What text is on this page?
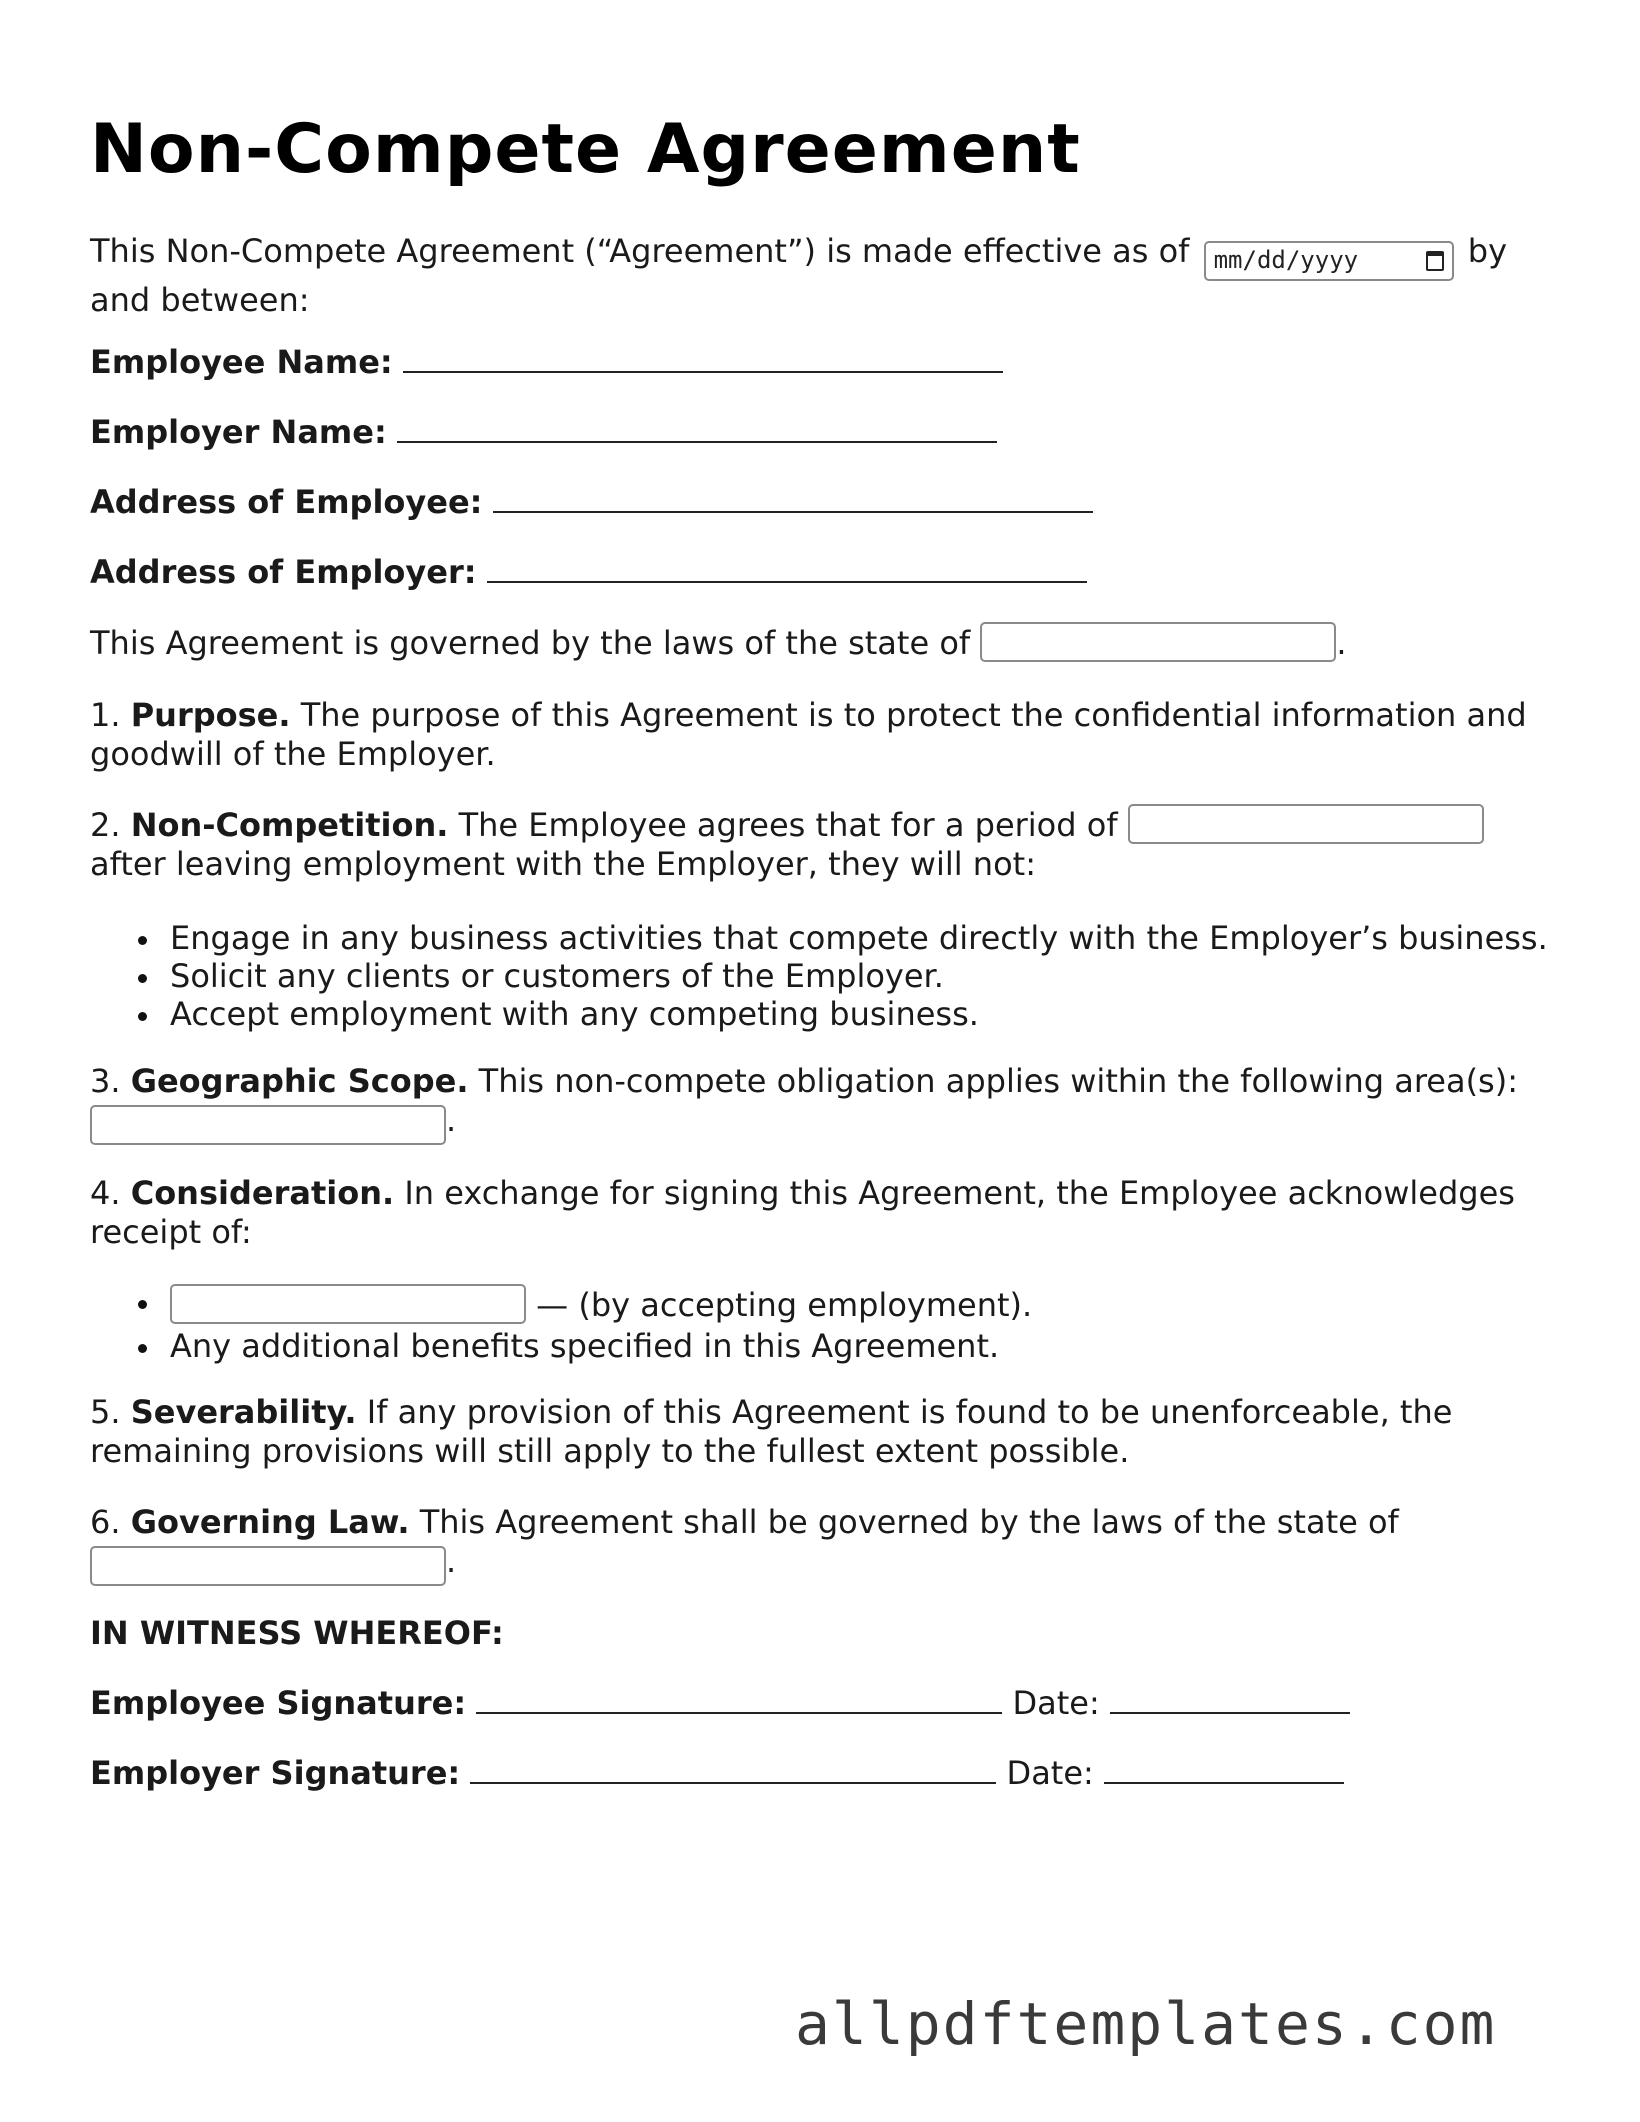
Non-Compete Agreement
This Non-Compete Agreement (“Agreement”) is made effective as of mm/dd/yyyy	by
and between:
Employee Name:
Employer Name:
Address of Employee:
Address of Employer:
This Agreement is governed by the laws of the state of	.
1. Purpose. The purpose of this Agreement is to protect the confidential information and
goodwill of the Employer.
2. Non-Competition. The Employee agrees that for a period of
after leaving employment with the Employer, they will not:
Engage in any business activities that compete directly with the Employer’s business.
Solicit any clients or customers of the Employer.
Accept employment with any competing business.
3. Geographic Scope. This non-compete obligation applies within the following area(s):
.
4. Consideration. In exchange for signing this Agreement, the Employee acknowledges
receipt of:
— (by accepting employment).
Any additional benefits specified in this Agreement.
5. Severability. If any provision of this Agreement is found to be unenforceable, the
remaining provisions will still apply to the fullest extent possible.
6. Governing Law. This Agreement shall be governed by the laws of the state of
.
IN WITNESS WHEREOF:
Employee Signature:	Date:
Employer Signature:	Date:
allpdftemplates.com
